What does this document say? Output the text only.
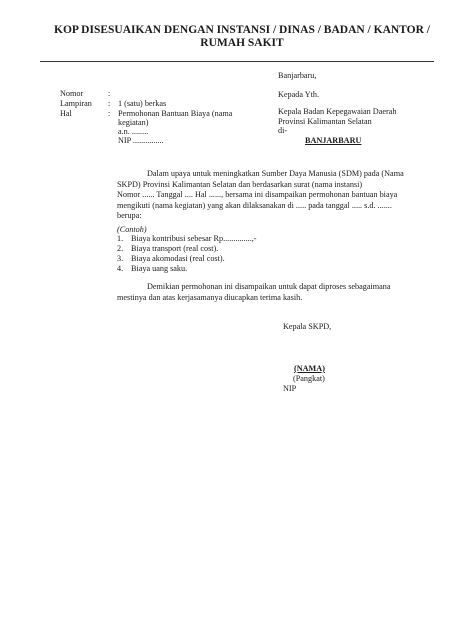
KOP DISESUAIKAN DENGAN INSTANSI / DINAS / BADAN / KANTOR /
RUMAH SAKIT
Nomor	:
Lampiran : 1 (satu) berkas
Hal	: Permohonan Bantuan Biaya (nama
kegiatan)
a.n. ........
NIP ...............
Banjarbaru,
Kepada Yth.
Kepala Badan Kepegawaian Daerah
Provinsi Kalimantan Selatan
di-
BANJARBARU
Dalam upaya untuk meningkatkan Sumber Daya Manusia (SDM) pada (Nama
SKPD) Provinsi Kalimantan Selatan dan berdasarkan surat (nama instansi)
Nomor ...... Tanggal .... Hal ......, bersama ini disampaikan permohonan bantuan biaya
mengikuti (nama kegiatan) yang akan dilaksanakan di ..... pada tanggal ..... s.d. .......
berupa:
(Contoh)
1. Biaya kontribusi sebesar Rp..............,-
2. Biaya transport (real cost).
3. Biaya akomodasi (real cost).
4. Biaya uang saku.
Demikian permohonan ini disampaikan untuk dapat diproses sebagaimana
mestinya dan atas kerjasamanya diucapkan terima kasih.
Kepala SKPD,
(NAMA)
(Pangkat)
NIP
